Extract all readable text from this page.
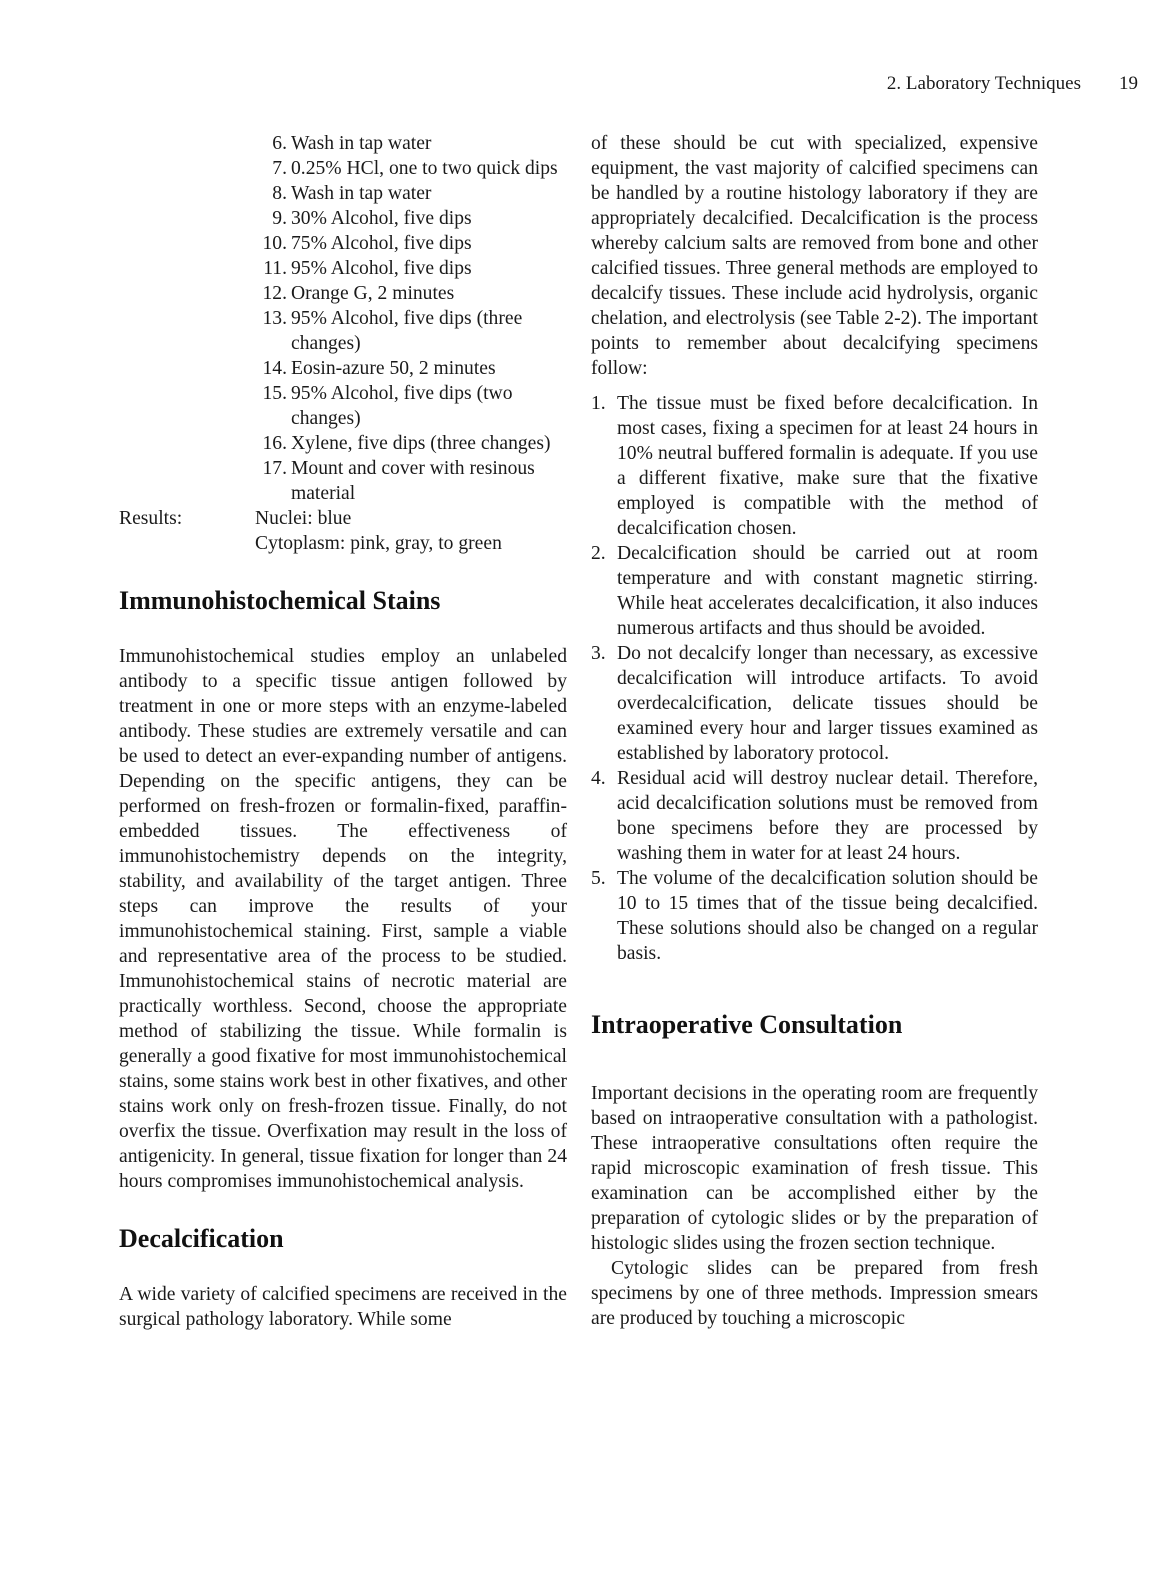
2. Laboratory Techniques 19
6. Wash in tap water
7. 0.25% HCl, one to two quick dips
8. Wash in tap water
9. 30% Alcohol, five dips
10. 75% Alcohol, five dips
11. 95% Alcohol, five dips
12. Orange G, 2 minutes
13. 95% Alcohol, five dips (three changes)
14. Eosin-azure 50, 2 minutes
15. 95% Alcohol, five dips (two changes)
16. Xylene, five dips (three changes)
17. Mount and cover with resinous material
Results:	Nuclei: blue
Cytoplasm: pink, gray, to green
Immunohistochemical Stains

Immunohistochemical studies employ an unlabeled antibody to a specific tissue antigen followed by treatment in one or more steps with an enzyme-labeled antibody. These studies are extremely versatile and can be used to detect an ever-expanding number of antigens. Depending on the specific antigens, they can be performed on fresh-frozen or formalin-fixed, paraffin-embedded tissues. The effectiveness of immunohistochemistry depends on the integrity, stability, and availability of the target antigen. Three steps can improve the results of your immunohistochemical staining. First, sample a viable and representative area of the process to be studied. Immunohistochemical stains of necrotic material are practically worthless. Second, choose the appropriate method of stabilizing the tissue. While formalin is generally a good fixative for most immunohistochemical stains, some stains work best in other fixatives, and other stains work only on fresh-frozen tissue. Finally, do not overfix the tissue. Overfixation may result in the loss of antigenicity. In general, tissue fixation for longer than 24 hours compromises immunohistochemical analysis.

Decalcification

A wide variety of calcified specimens are received in the surgical pathology laboratory. While some

of these should be cut with specialized, expensive equipment, the vast majority of calcified specimens can be handled by a routine histology laboratory if they are appropriately decalcified. Decalcification is the process whereby calcium salts are removed from bone and other calcified tissues. Three general methods are employed to decalcify tissues. These include acid hydrolysis, organic chelation, and electrolysis (see Table 2-2). The important points to remember about decalcifying specimens follow:

1. The tissue must be fixed before decalcification. In most cases, fixing a specimen for at least 24 hours in 10% neutral buffered formalin is adequate. If you use a different fixative, make sure that the fixative employed is compatible with the method of decalcification chosen.
2. Decalcification should be carried out at room temperature and with constant magnetic stirring. While heat accelerates decalcification, it also induces numerous artifacts and thus should be avoided.
3. Do not decalcify longer than necessary, as excessive decalcification will introduce artifacts. To avoid overdecalcification, delicate tissues should be examined every hour and larger tissues examined as established by laboratory protocol.
4. Residual acid will destroy nuclear detail. Therefore, acid decalcification solutions must be removed from bone specimens before they are processed by washing them in water for at least 24 hours.
5. The volume of the decalcification solution should be 10 to 15 times that of the tissue being decalcified. These solutions should also be changed on a regular basis.
Intraoperative Consultation

Important decisions in the operating room are frequently based on intraoperative consultation with a pathologist. These intraoperative consultations often require the rapid microscopic examination of fresh tissue. This examination can be accomplished either by the preparation of cytologic slides or by the preparation of histologic slides using the frozen section technique.

Cytologic slides can be prepared from fresh specimens by one of three methods. Impression smears are produced by touching a microscopic
